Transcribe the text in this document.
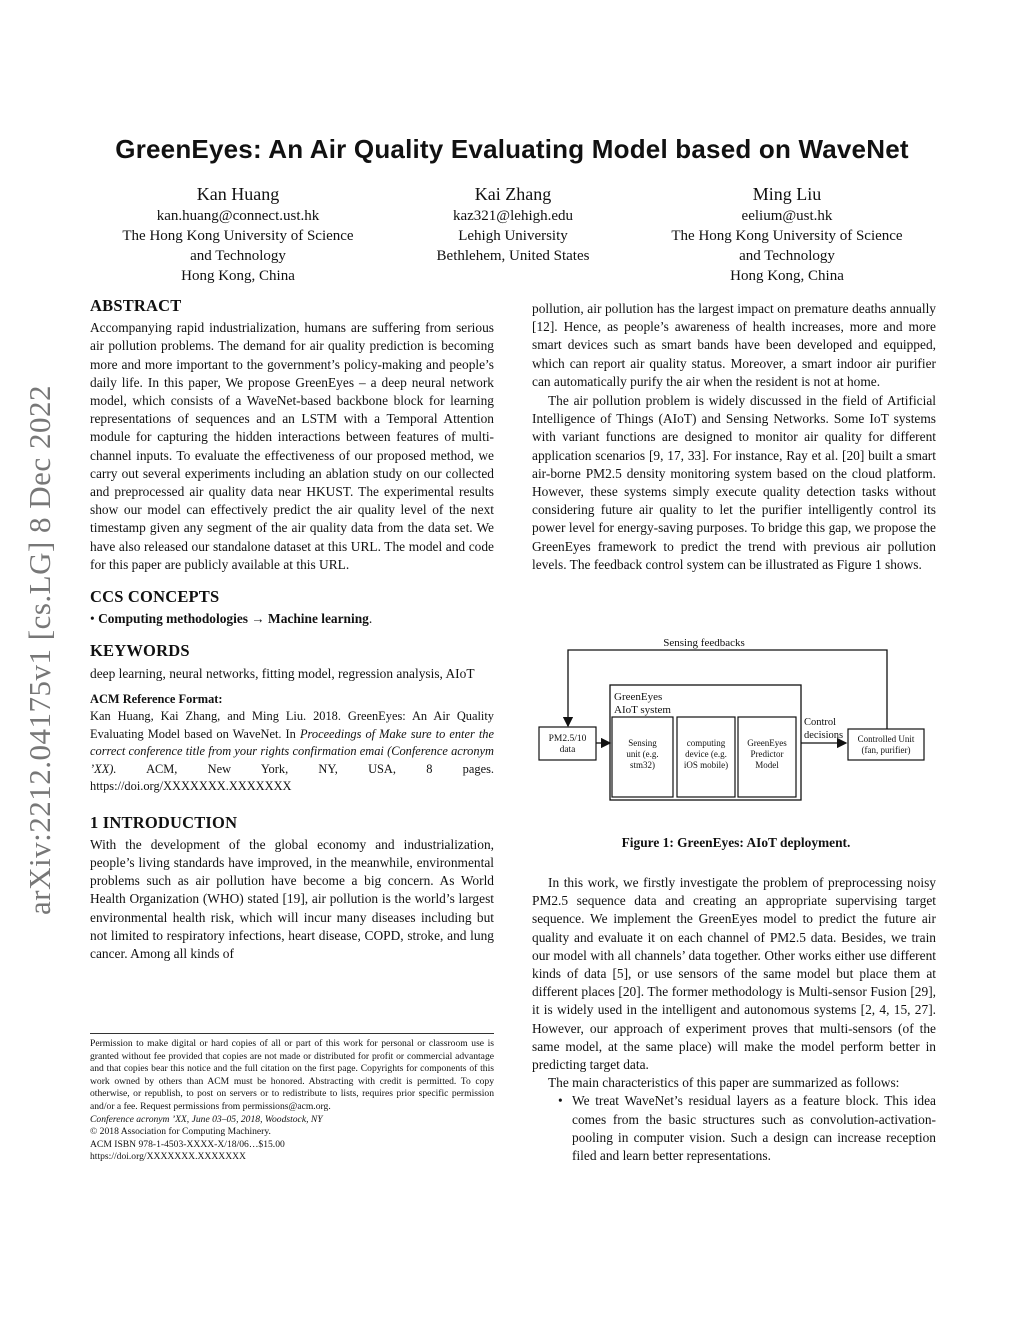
arXiv:2212.04175v1 [cs.LG] 8 Dec 2022
GreenEyes: An Air Quality Evaluating Model based on WaveNet
Kan Huang
kan.huang@connect.ust.hk
The Hong Kong University of Science
and Technology
Hong Kong, China
Kai Zhang
kaz321@lehigh.edu
Lehigh University
Bethlehem, United States
Ming Liu
eelium@ust.hk
The Hong Kong University of Science
and Technology
Hong Kong, China
ABSTRACT

Accompanying rapid industrialization, humans are suffering from serious air pollution problems. The demand for air quality prediction is becoming more and more important to the government’s policy-making and people’s daily life. In this paper, We propose GreenEyes – a deep neural network model, which consists of a WaveNet-based backbone block for learning representations of sequences and an LSTM with a Temporal Attention module for capturing the hidden interactions between features of multi-channel inputs. To evaluate the effectiveness of our proposed method, we carry out several experiments including an ablation study on our collected and preprocessed air quality data near HKUST. The experimental results show our model can effectively predict the air quality level of the next timestamp given any segment of the air quality data from the data set. We have also released our standalone dataset at this URL. The model and code for this paper are publicly available at this URL.

CCS CONCEPTS

• Computing methodologies → Machine learning.

KEYWORDS

deep learning, neural networks, fitting model, regression analysis, AIoT

ACM Reference Format:

Kan Huang, Kai Zhang, and Ming Liu. 2018. GreenEyes: An Air Quality Evaluating Model based on WaveNet. In Proceedings of Make sure to enter the correct conference title from your rights confirmation emai (Conference acronym ’XX). ACM, New York, NY, USA, 8 pages. https://doi.org/XXXXXXX.XXXXXXX

1 INTRODUCTION

With the development of the global economy and industrialization, people’s living standards have improved, in the meanwhile, environmental problems such as air pollution have become a big concern. As World Health Organization (WHO) stated [19], air pollution is the world’s largest environmental health risk, which will incur many diseases including but not limited to respiratory infections, heart disease, COPD, stroke, and lung cancer. Among all kinds of

Permission to make digital or hard copies of all or part of this work for personal or classroom use is granted without fee provided that copies are not made or distributed for profit or commercial advantage and that copies bear this notice and the full citation on the first page. Copyrights for components of this work owned by others than ACM must be honored. Abstracting with credit is permitted. To copy otherwise, or republish, to post on servers or to redistribute to lists, requires prior specific permission and/or a fee. Request permissions from permissions@acm.org.

Conference acronym ’XX, June 03–05, 2018, Woodstock, NY

© 2018 Association for Computing Machinery.

ACM ISBN 978-1-4503-XXXX-X/18/06…$15.00

https://doi.org/XXXXXXX.XXXXXXX

pollution, air pollution has the largest impact on premature deaths annually [12]. Hence, as people’s awareness of health increases, more and more smart devices such as smart bands have been developed and equipped, which can report air quality status. Moreover, a smart indoor air purifier can automatically purify the air when the resident is not at home.

The air pollution problem is widely discussed in the field of Artificial Intelligence of Things (AIoT) and Sensing Networks. Some IoT systems with variant functions are designed to monitor air quality for different application scenarios [9, 17, 33]. For instance, Ray et al. [20] built a smart air-borne PM2.5 density monitoring system based on the cloud platform. However, these systems simply execute quality detection tasks without considering future air quality to let the purifier intelligently control its power level for energy-saving purposes. To bridge this gap, we propose the GreenEyes framework to predict the trend with previous air pollution levels. The feedback control system can be illustrated as Figure 1 shows.

Sensing feedbacks
PM2.5/10
data
GreenEyes
AIoT system
Sensing
unit (e.g.
stm32)
computing
device (e.g.
iOS mobile)
GreenEyes
Predictor
Model
Control
decisions Controlled Unit
(fan, purifier)
Figure 1: GreenEyes: AIoT deployment.

In this work, we firstly investigate the problem of preprocessing noisy PM2.5 sequence data and creating an appropriate supervising target sequence. We implement the GreenEyes model to predict the future air quality and evaluate it on each channel of PM2.5 data. Besides, we train our model with all channels’ data together. Other works either use different kinds of data [5], or use sensors of the same model but place them at different places [20]. The former methodology is Multi-sensor Fusion [29], it is widely used in the intelligent and autonomous systems [2, 4, 15, 27]. However, our approach of experiment proves that multi-sensors (of the same model, at the same place) will make the model perform better in predicting target data.

The main characteristics of this paper are summarized as follows:

• We treat WaveNet’s residual layers as a feature block. This idea comes from the basic structures such as convolution-activation-pooling in computer vision. Such a design can increase reception filed and learn better representations.
